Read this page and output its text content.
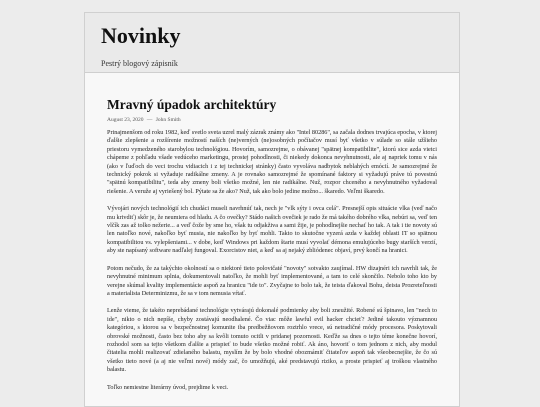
Novinky
Pestrý blogový zápisník
Mravný úpadok architektúry
August 23, 2020 — John Smith

Prinajmenšom od roku 1982, keď svetlo sveta uzrel malý zázrak známy ako "Intel 80286", sa začala dodnes trvajúca epocha, v ktorej ďalšie zlepšenie a rozšírenie možností naších (ne)verných (ne)osobných počítačov musí byť všetko v súlade so stále užšieho priestoru vymedzeného starobylou technológiou. Hovorím, samozrejme, o obávanej "spätnej kompatibilite", ktorú sice azda vietci chápeme z pohľadu všade vedúceho marketingu, prostej pohodlnosti, či niekedy dokonca nevyhnutnosti, ale aj napriek tomu v nás (ako v ľuďoch do veci trochu vidiacich i z tej technickej stránky) často vyvoláva nadbytok neblahých emócií. Je samozrejmé že technický pokrok si vyžaduje radikálne zmeny. A je rovnako samozrejmé že spomínané faktory si vyžadujú práve tú povestnú "spätnú kompatibilitu", teda aby zmeny boli všetko možné, len nie radikálne. Nuž, rozpor chceného a nevyhnutného vyžadoval riešenie. A veruže aj vyriešený bol. Pýtate sa že ako? Nuž, tak ako bolo jedine možno... škaredo. Veľmi škaredo.

Vývojári nových technológií ich chudáci museli navrhnúť tak, nech je "vlk sýty i ovca celá". Presnejší opis situácie vlka (veď načo mu krivdiť) skôr je, že neumiera od hladu. A čo ovečky? Stádo našich ovečiek je rado že má takého dobrého vlka, nebúri sa, veď ten vlčík zas až tolko nežerie... a veď čože by sme ho, však tu odjakživa a sami žije, je pohodlnejšie nechať ho tak. A tak i tie novoty sú len natoľko nové, nakoľko byť musia, nie nakoľko by byť mohli. Takto to skutočne vyzerá azda v každej oblasti IT so spätnou kompatibilitou vs. vylepšeniami... v dobe, keď Windows pri každom štarte musí vyvolať démona emulujúceho bugy starších verzií, aby ste napísaný software nadľalej fungoval. Exorcistov niet, a keď sa aj nejaký zbliódenec objaví, prvý končí na hranici.

Potom nečudo, že za takýchto okolností sa o niektoré tieto polovičaté "novoty" sotvakto zaujímal. HW dizajnéri ich navrhli tak, že nevyhnutné minimum splnia, dokumentovali natoľko, že mohli byť implementované, a tam to celé skončilo. Nebolo toho kto by verejne skúmal kvality implementácie aspoň za hranicu "ide to". Zvyčajne to bolo tak, že teista ďakoval Bohu, deista Prozreteľnosti a materialista Determinizmu, že sa v tom nemusia vŕtať.

Lenže vieme, že takéto neprebádané technológie vytvárajú dokonalé podmienky aby boli zneužité. Robené sú špinavo, len "nech to ide", nikto o nich nepíše, chyby zostávajú neodhalené. Čo viac môže lawful evil hacker chcieť? Jediné takouto významnou kategóriou, s ktorou sa v bezpečnostnej komunite iba predbežňovom roztrhlo vrece, sú netradičné módy procesora. Poskytovali obrovské možnosti, často bez toho aby sa kvôli tomuto ocitli v pridanej pozornosti. Keďže sa dnes o tejto téme konečne hovorí, rozhodol som sa tejto všetkom ďalšie a prispieť to bude všetko možné robiť. Ak áno, hovoriť o tom jednom z nich, aby modul čitatelia mohli realizovať zdielaného balastu, myslím že by bolo vhodné obozmámiť čitateľov aspoň tak všeobecnejšie, že čo sú všetko tieto nové (a aj nie veľmi nové) módy zač, čo umožňujú, aké predstavujú riziko, a proste prispieť aj troškou vlastného balastu.

Toľko nemiestne literárny úvod, prejdime k veci.
